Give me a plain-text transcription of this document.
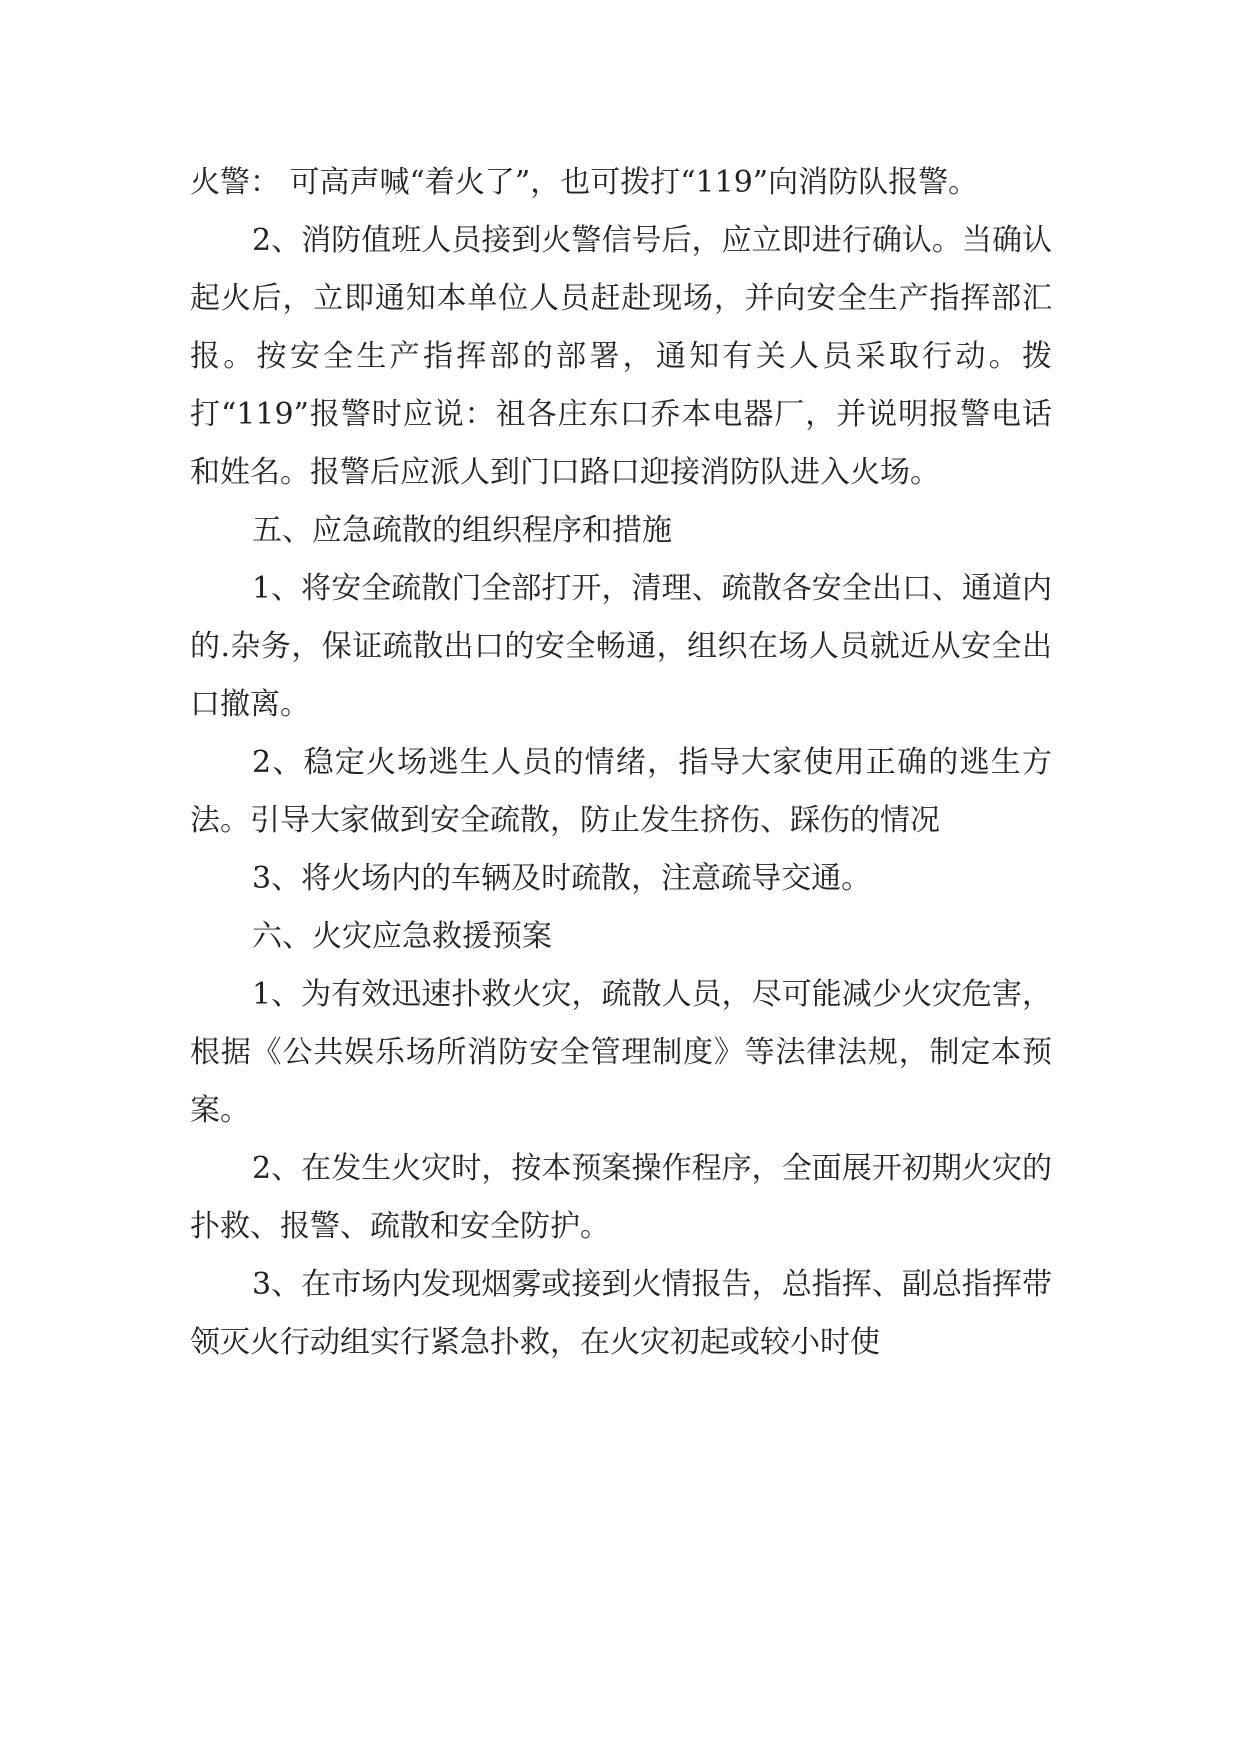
火警： 可高声喊“着火了”，也可拨打“119”向消防队报警。

2、消防值班人员接到火警信号后，应立即进行确认。当确认起火后，立即通知本单位人员赶赴现场，并向安全生产指挥部汇报。按安全生产指挥部的部署，通知有关人员采取行动。拨打“119”报警时应说：祖各庄东口乔本电器厂，并说明报警电话和姓名。报警后应派人到门口路口迎接消防队进入火场。

五、应急疏散的组织程序和措施

1、将安全疏散门全部打开，清理、疏散各安全出口、通道内的.杂务，保证疏散出口的安全畅通，组织在场人员就近从安全出口撤离。

2、稳定火场逃生人员的情绪，指导大家使用正确的逃生方法。引导大家做到安全疏散，防止发生挤伤、踩伤的情况

3、将火场内的车辆及时疏散，注意疏导交通。

六、火灾应急救援预案

1、为有效迅速扑救火灾，疏散人员，尽可能减少火灾危害，根据《公共娱乐场所消防安全管理制度》等法律法规，制定本预案。

2、在发生火灾时，按本预案操作程序，全面展开初期火灾的扑救、报警、疏散和安全防护。

3、在市场内发现烟雾或接到火情报告，总指挥、副总指挥带领灭火行动组实行紧急扑救，在火灾初起或较小时使
